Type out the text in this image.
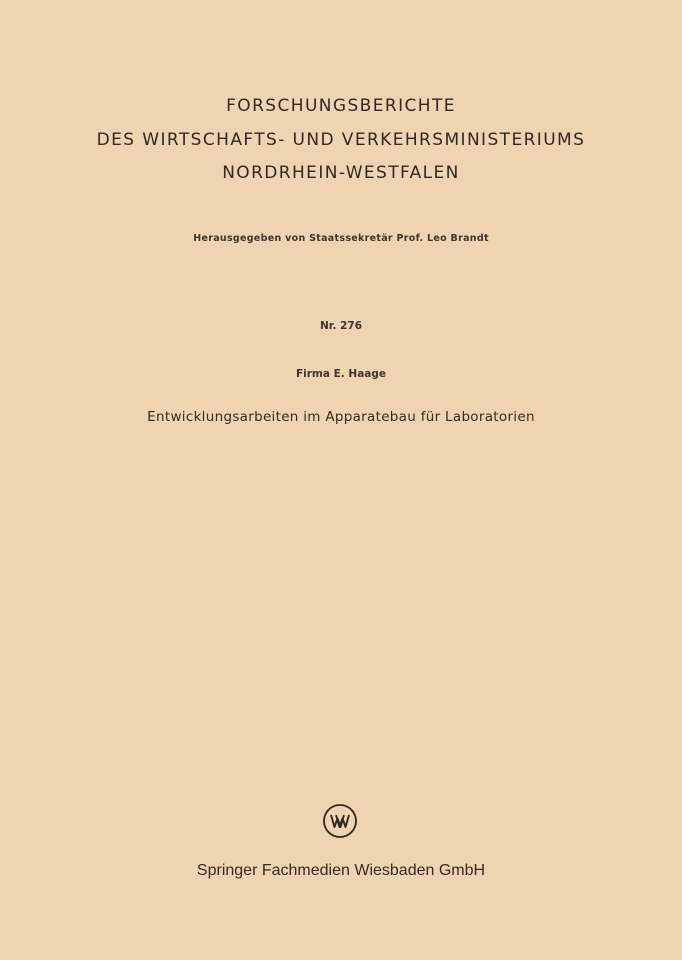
FORSCHUNGSBERICHTE
DES WIRTSCHAFTS- UND VERKEHRSMINISTERIUMS
NORDRHEIN-WESTFALEN
Herausgegeben von Staatssekretär Prof. Leo Brandt
Nr. 276
Firma E. Haage
Entwicklungsarbeiten im Apparatebau für Laboratorien
Springer Fachmedien Wiesbaden GmbH
